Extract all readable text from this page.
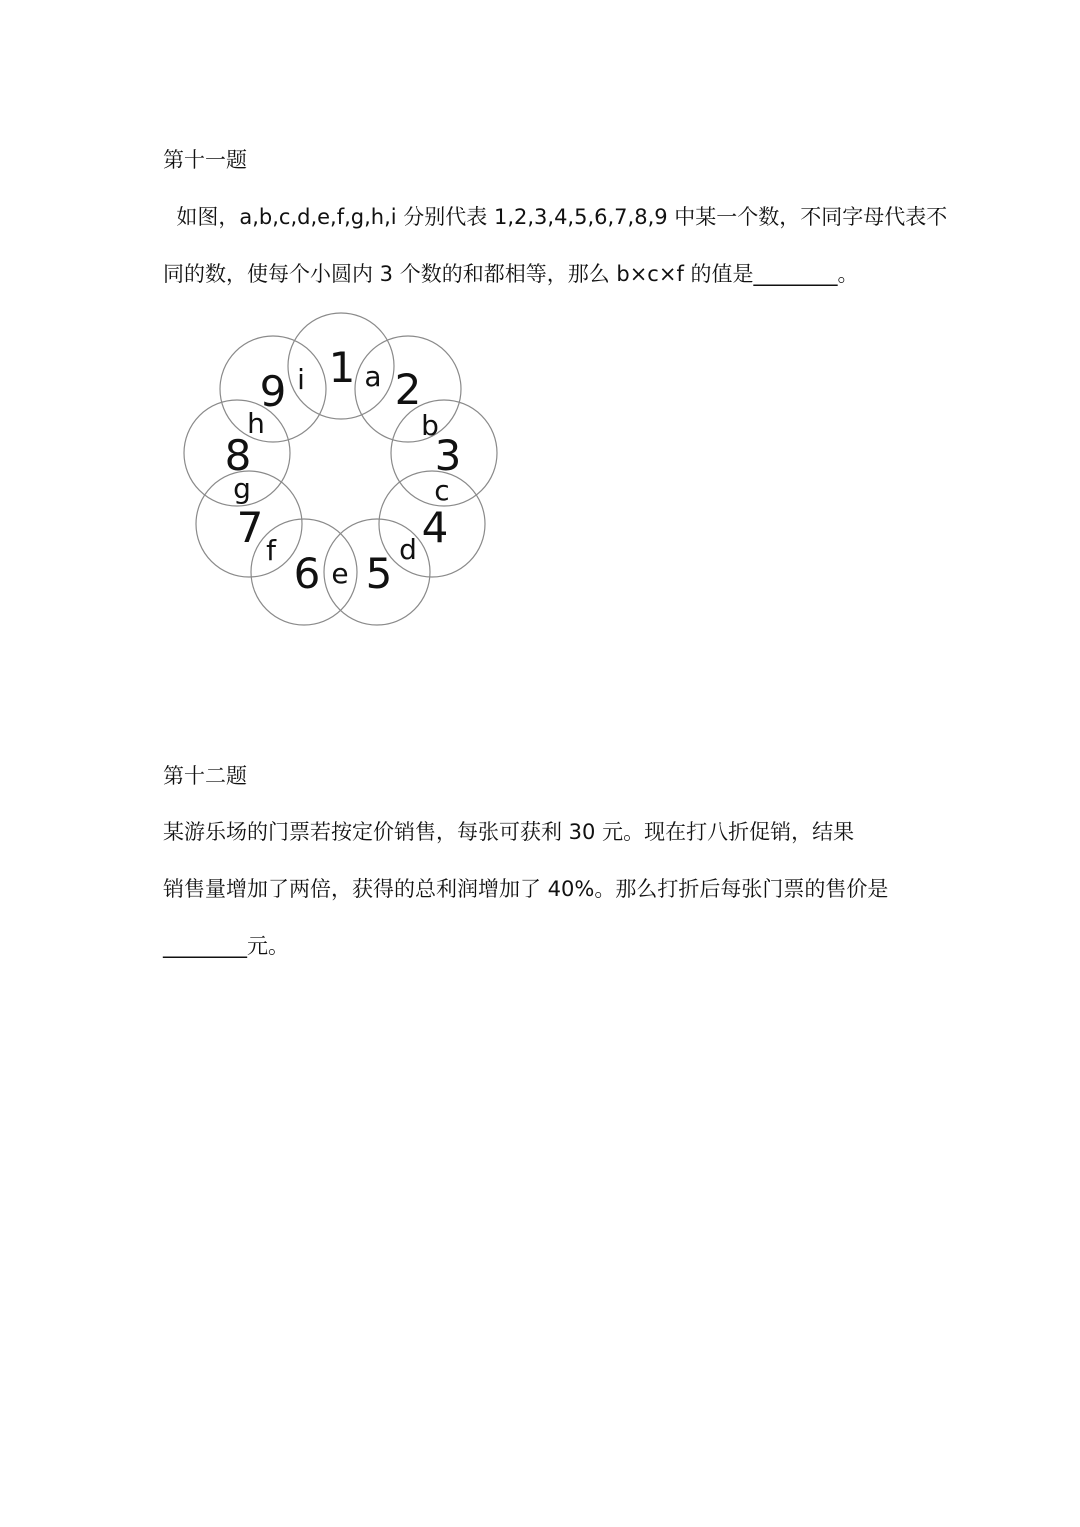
第十一题
如图，a,b,c,d,e,f,g,h,i 分别代表 1,2,3,4,5,6,7,8,9 中某一个数，不同字母代表不
同的数，使每个小圆内 3 个数的和都相等，那么 b×c×f 的值是________。
1 2
3
4
5
6
7
8
9	a
b
c
d
e
f
g
h
i
第十二题
某游乐场的门票若按定价销售，每张可获利 30 元。现在打八折促销，结果
销售量增加了两倍，获得的总利润增加了 40%。那么打折后每张门票的售价是
________元。
